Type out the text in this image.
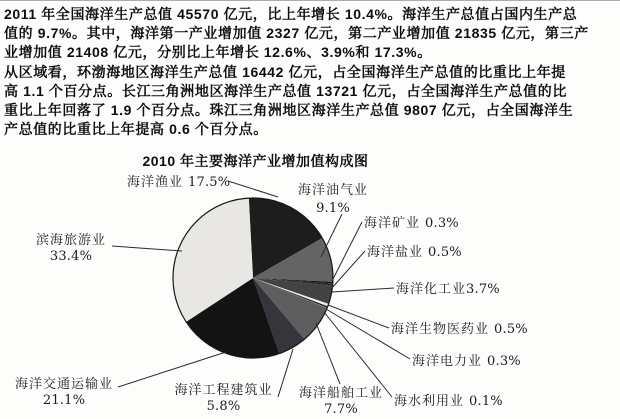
2011 年全国海洋生产总值 45570 亿元，比上年增长 10.4%。海洋生产总值占国内生产总
值的 9.7%。其中，海洋第一产业增加值 2327 亿元，第二产业增加值 21835 亿元，第三产
业增加值 21408 亿元，分别比上年增长 12.6%、3.9%和 17.3%。
从区域看，环渤海地区海洋生产总值 16442 亿元，占全国海洋生产总值的比重比上年提
高 1.1 个百分点。长江三角洲地区海洋生产总值 13721 亿元，占全国海洋生产总值的比
重比上年回落了 1.9 个百分点。珠江三角洲地区海洋生产总值 9807 亿元，占全国海洋生
产总值的比重比上年提高 0.6 个百分点。
2010 年主要海洋产业增加值构成图
海洋渔业 17.5%
海洋油气业
9.1%
海洋矿业 0.3%
海洋盐业 0.5%
海洋化工业3.7%
海洋生物医药业 0.5%
海洋电力业 0.3%
海水利用业 0.1%
海洋船舶工业
7.7%
海洋工程建筑业
5.8%
海洋交通运输业
21.1%
滨海旅游业
33.4%
